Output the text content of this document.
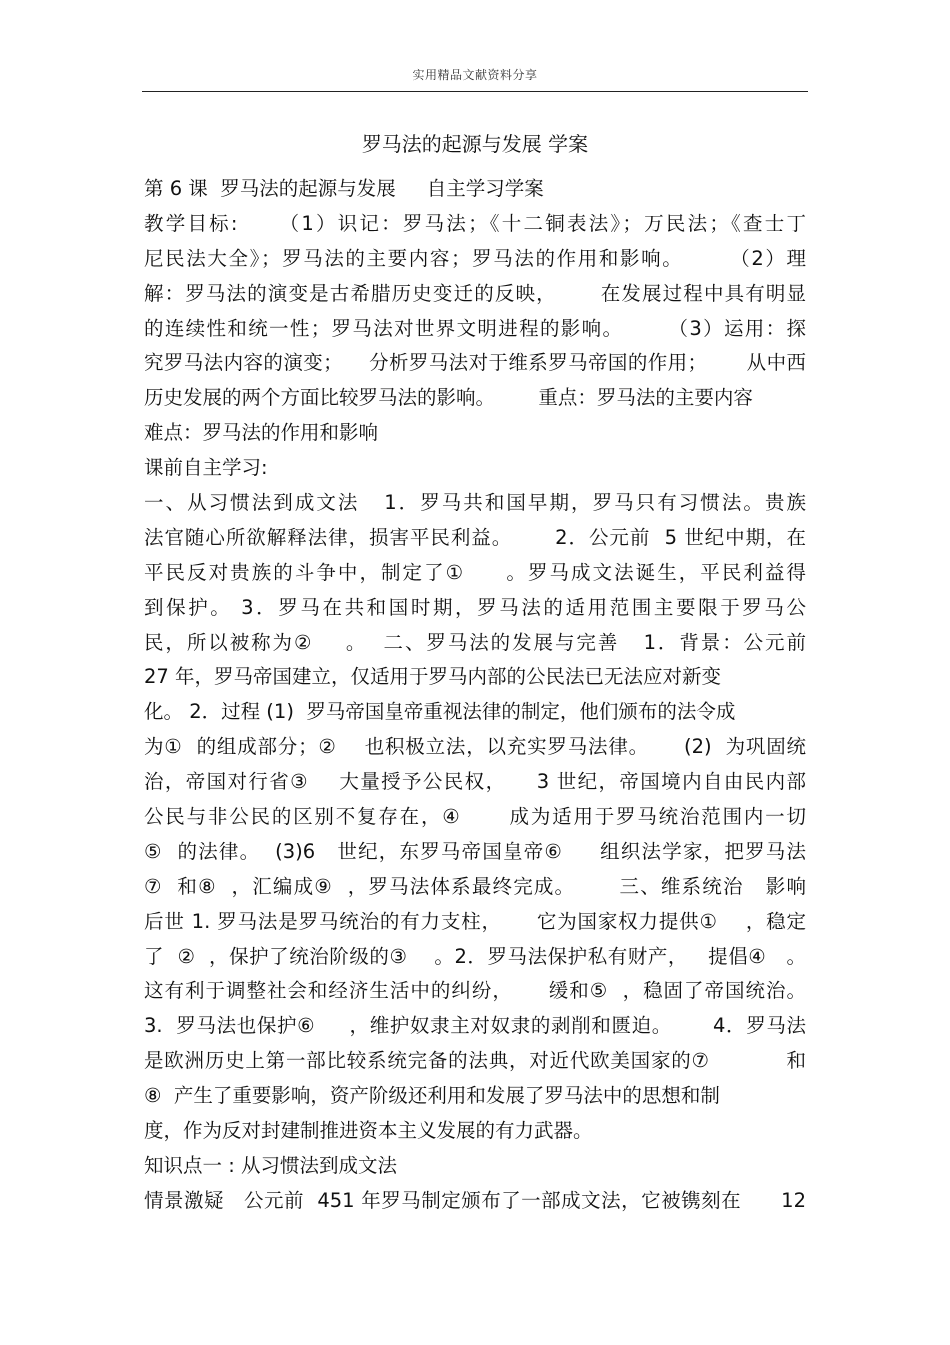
实用精品文献资料分享
罗马法的起源与发展 学案
第 6 课  罗马法的起源与发展     自主学习学案
教学目标:     （1）识记：罗马法；《十二铜表法》；万民法；《查士丁
尼民法大全》；罗马法的主要内容；罗马法的作用和影响。      （2）理
解：罗马法的演变是古希腊历史变迁的反映，      在发展过程中具有明显
的连续性和统一性；罗马法对世界文明进程的影响。      （3）运用：探
究罗马法内容的演变；    分析罗马法对于维系罗马帝国的作用；      从中西
历史发展的两个方面比较罗马法的影响。       重点：罗马法的主要内容
难点：罗马法的作用和影响
课前自主学习:
一、从习惯法到成文法   1．罗马共和国早期，罗马只有习惯法。贵族
法官随心所欲解释法律，损害平民利益。      2．公元前  5 世纪中期，在
平民反对贵族的斗争中，制定了①     。罗马成文法诞生，平民利益得
到保护。 3．罗马在共和国时期，罗马法的适用范围主要限于罗马公
民，所以被称为②    。  二、罗马法的发展与完善   1．背景：公元前
27 年，罗马帝国建立，仅适用于罗马内部的公民法已无法应对新变
化。 2．过程 (1)  罗马帝国皇帝重视法律的制定，他们颁布的法令成
为①  的组成部分；②    也积极立法，以充实罗马法律。     (2)  为巩固统
治，帝国对行省③    大量授予公民权，    3 世纪，帝国境内自由民内部
公民与非公民的区别不复存在，④      成为适用于罗马统治范围内一切
⑤  的法律。  (3)6   世纪，东罗马帝国皇帝⑥     组织法学家，把罗马法
⑦  和⑧  ，汇编成⑨  ，罗马法体系最终完成。      三、维系统治   影响
后世 1. 罗马法是罗马统治的有力支柱，     它为国家权力提供①    ，稳定
了  ②  ，保护了统治阶级的③    。2．罗马法保护私有财产，   提倡④   。
这有利于调整社会和经济生活中的纠纷，     缓和⑤  ，稳固了帝国统治。
3.  罗马法也保护⑥     ，维护奴隶主对奴隶的剥削和匮迫。      4．罗马法
是欧洲历史上第一部比较系统完备的法典，对近代欧美国家的⑦           和
⑧  产生了重要影响，资产阶级还利用和发展了罗马法中的思想和制
度，作为反对封建制推进资本主义发展的有力武器。
知识点一 : 从习惯法到成文法
情景激疑   公元前  451 年罗马制定颁布了一部成文法，它被镌刻在      12
